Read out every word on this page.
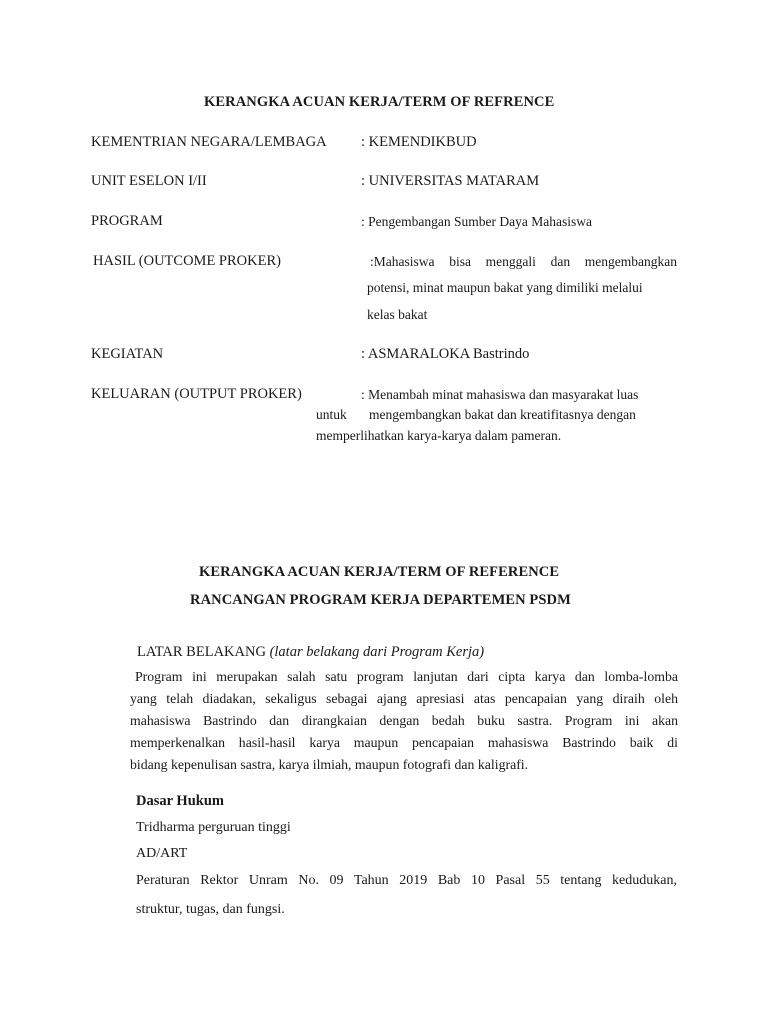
KERANGKA ACUAN KERJA/TERM OF REFRENCE
KEMENTRIAN NEGARA/LEMBAGA : KEMENDIKBUD
UNIT ESELON I/II	: UNIVERSITAS MATARAM
PROGRAM	: Pengembangan Sumber Daya Mahasiswa
HASIL (OUTCOME PROKER)	:Mahasiswa bisa menggali dan mengembangkan
potensi, minat maupun bakat yang dimiliki melalui
kelas bakat
KEGIATAN	: ASMARALOKA Bastrindo
KELUARAN (OUTPUT PROKER)	: Menambah minat mahasiswa dan masyarakat luas
untuk mengembangkan bakat dan kreatifitasnya dengan
memperlihatkan karya-karya dalam pameran.
KERANGKA ACUAN KERJA/TERM OF REFERENCE
RANCANGAN PROGRAM KERJA DEPARTEMEN PSDM
LATAR BELAKANG (latar belakang dari Program Kerja)
Program ini merupakan salah satu program lanjutan dari cipta karya dan lomba-lomba
yang telah diadakan, sekaligus sebagai ajang apresiasi atas pencapaian yang diraih oleh
mahasiswa Bastrindo dan dirangkaian dengan bedah buku sastra. Program ini akan
memperkenalkan hasil-hasil karya maupun pencapaian mahasiswa Bastrindo baik di
bidang kepenulisan sastra, karya ilmiah, maupun fotografi dan kaligrafi.
Dasar Hukum
Tridharma perguruan tinggi
AD/ART
Peraturan Rektor Unram No. 09 Tahun 2019 Bab 10 Pasal 55 tentang kedudukan,
struktur, tugas, dan fungsi.
